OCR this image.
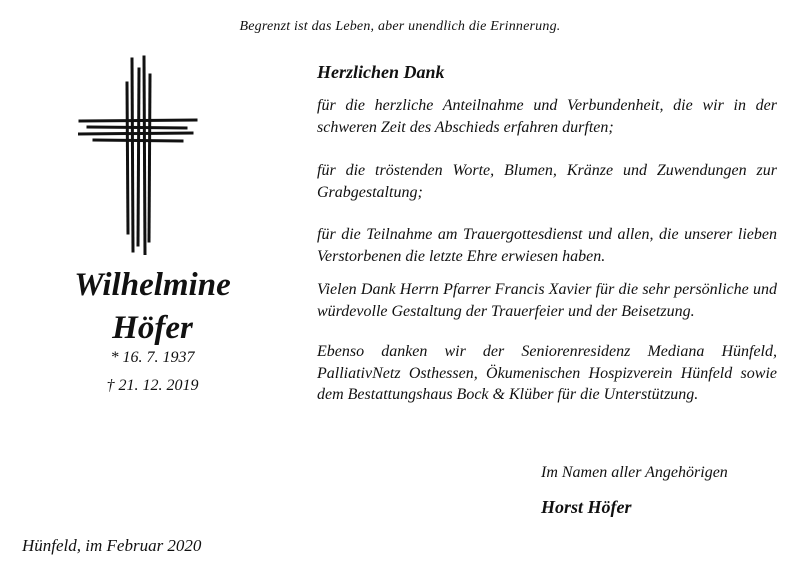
Begrenzt ist das Leben, aber unendlich die Erinnerung.
Wilhelmine
Höfer
* 16. 7. 1937
† 21. 12. 2019
Hünfeld, im Februar 2020
Herzlichen Dank
für die herzliche Anteilnahme und Verbundenheit, die wir in der schweren Zeit des Abschieds erfahren durften;
für die tröstenden Worte, Blumen, Kränze und Zuwendungen zur Grabgestaltung;
für die Teilnahme am Trauergottesdienst und allen, die unserer lieben Verstorbenen die letzte Ehre erwiesen haben.
Vielen Dank Herrn Pfarrer Francis Xavier für die sehr persönliche und würdevolle Gestaltung der Trauerfeier und der Beisetzung.
Ebenso danken wir der Seniorenresidenz Mediana Hünfeld, PalliativNetz Osthessen, Ökumenischen Hospizverein Hünfeld sowie dem Bestattungshaus Bock & Klüber für die Unterstützung.
Im Namen aller Angehörigen
Horst Höfer
